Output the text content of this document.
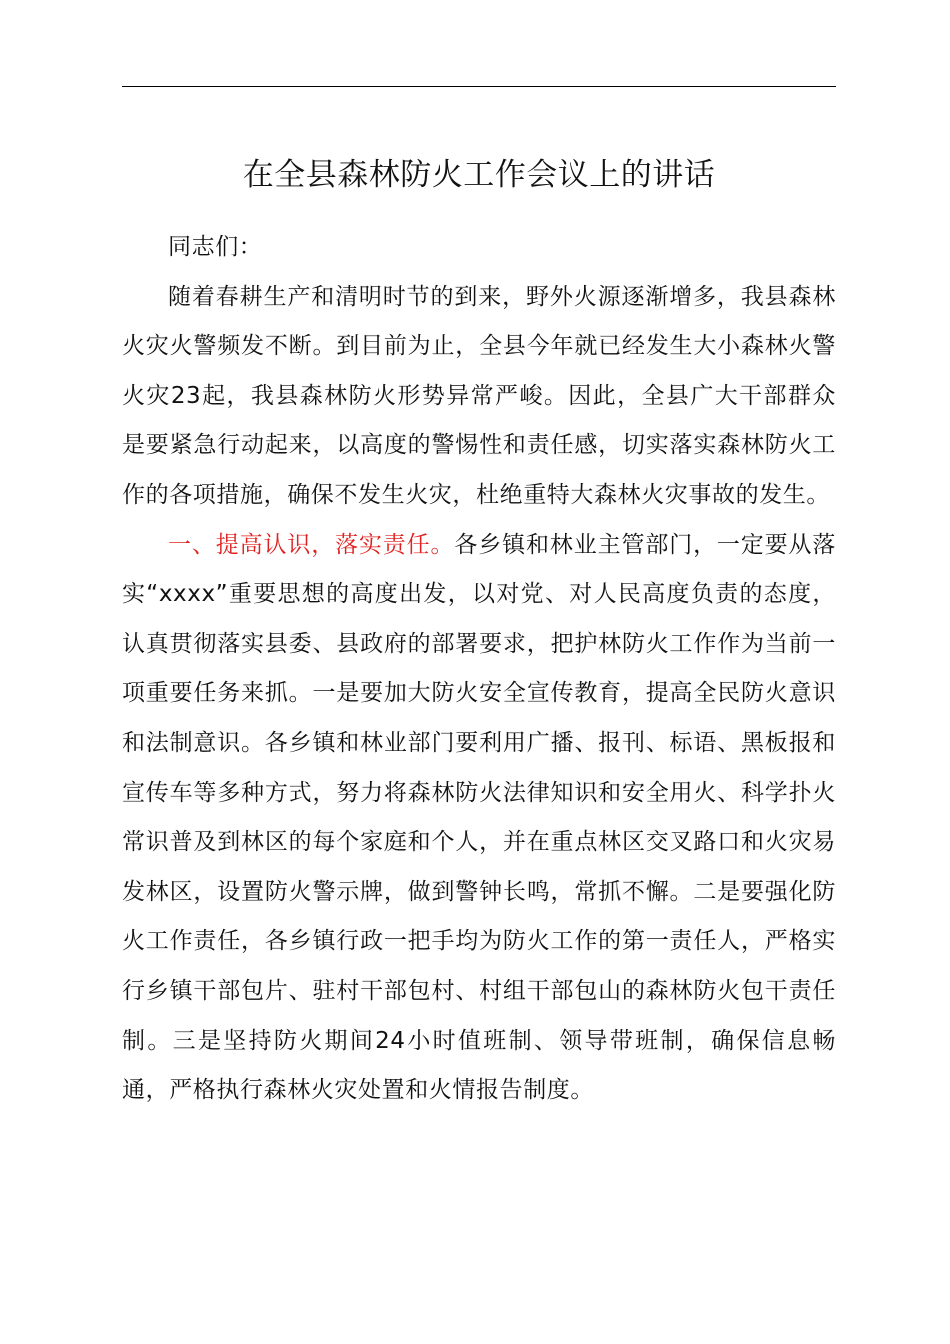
在全县森林防火工作会议上的讲话

同志们：

随着春耕生产和清明时节的到来，野外火源逐渐增多，我县森林火灾火警频发不断。到目前为止，全县今年就已经发生大小森林火警火灾23起，我县森林防火形势异常严峻。因此，全县广大干部群众是要紧急行动起来，以高度的警惕性和责任感，切实落实森林防火工作的各项措施，确保不发生火灾，杜绝重特大森林火灾事故的发生。

一、提高认识，落实责任。各乡镇和林业主管部门，一定要从落实“xxxx”重要思想的高度出发，以对党、对人民高度负责的态度，认真贯彻落实县委、县政府的部署要求，把护林防火工作作为当前一项重要任务来抓。一是要加大防火安全宣传教育，提高全民防火意识和法制意识。各乡镇和林业部门要利用广播、报刊、标语、黑板报和宣传车等多种方式，努力将森林防火法律知识和安全用火、科学扑火常识普及到林区的每个家庭和个人，并在重点林区交叉路口和火灾易发林区，设置防火警示牌，做到警钟长鸣，常抓不懈。二是要强化防火工作责任，各乡镇行政一把手均为防火工作的第一责任人，严格实行乡镇干部包片、驻村干部包村、村组干部包山的森林防火包干责任制。三是坚持防火期间24小时值班制、领导带班制，确保信息畅通，严格执行森林火灾处置和火情报告制度。
